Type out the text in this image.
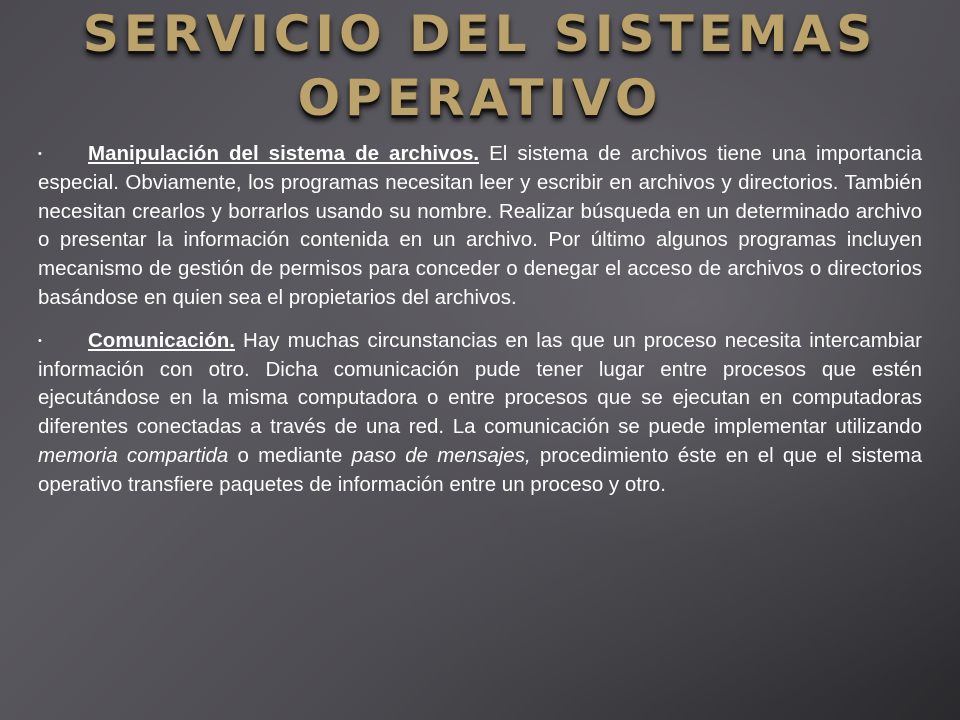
SERVICIO DEL SISTEMAS
OPERATIVO

• Manipulación del sistema de archivos. El sistema de archivos tiene una importancia especial. Obviamente, los programas necesitan leer y escribir en archivos y directorios. También necesitan crearlos y borrarlos usando su nombre. Realizar búsqueda en un determinado archivo o presentar la información contenida en un archivo. Por último algunos programas incluyen mecanismo de gestión de permisos para conceder o denegar el acceso de archivos o directorios basándose en quien sea el propietarios del archivos.

• Comunicación. Hay muchas circunstancias en las que un proceso necesita intercambiar información con otro. Dicha comunicación pude tener lugar entre procesos que estén ejecutándose en la misma computadora o entre procesos que se ejecutan en computadoras diferentes conectadas a través de una red. La comunicación se puede implementar utilizando memoria compartida o mediante paso de mensajes, procedimiento éste en el que el sistema operativo transfiere paquetes de información entre un proceso y otro.
